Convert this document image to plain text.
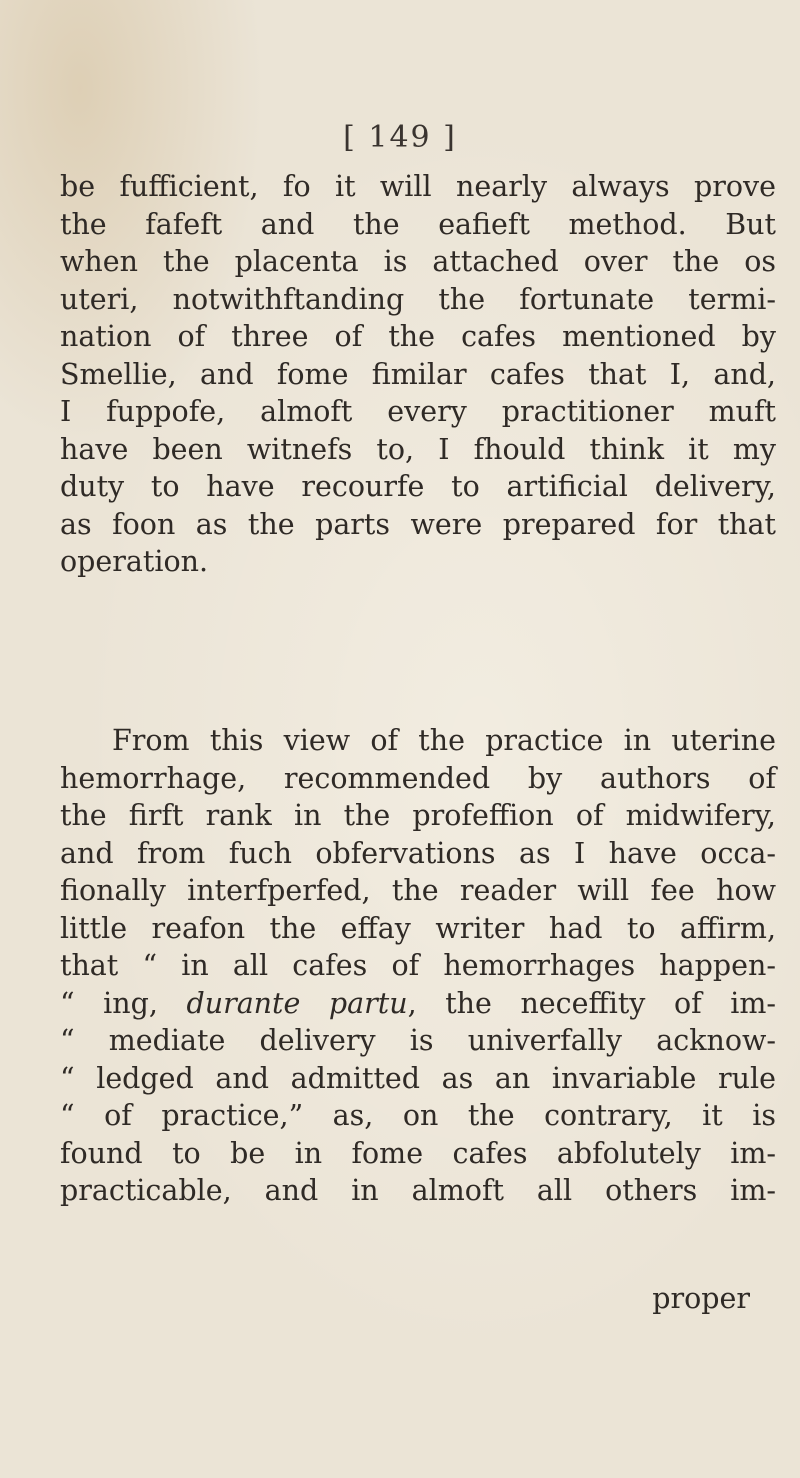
[ 149 ]
be fufficient, fo it will nearly always prove
the fafeft and the eafieft method. But
when the placenta is attached over the os
uteri, notwithftanding the fortunate termi-
nation of three of the cafes mentioned by
Smellie, and fome fimilar cafes that I, and,
I fuppofe, almoft every practitioner muft
have been witnefs to, I fhould think it my
duty to have recourfe to artificial delivery,
as foon as the parts were prepared for that
operation.
From this view of the practice in uterine
hemorrhage, recommended by authors of
the firft rank in the profeffion of midwifery,
and from fuch obfervations as I have occa-
fionally interfperfed, the reader will fee how
little reafon the effay writer had to affirm,
that “ in all cafes of hemorrhages happen-
“ ing, durante partu, the neceffity of im-
“ mediate delivery is univerfally acknow-
“ ledged and admitted as an invariable rule
“ of practice,” as, on the contrary, it is
found to be in fome cafes abfolutely im-
practicable, and in almoft all others im-
proper
